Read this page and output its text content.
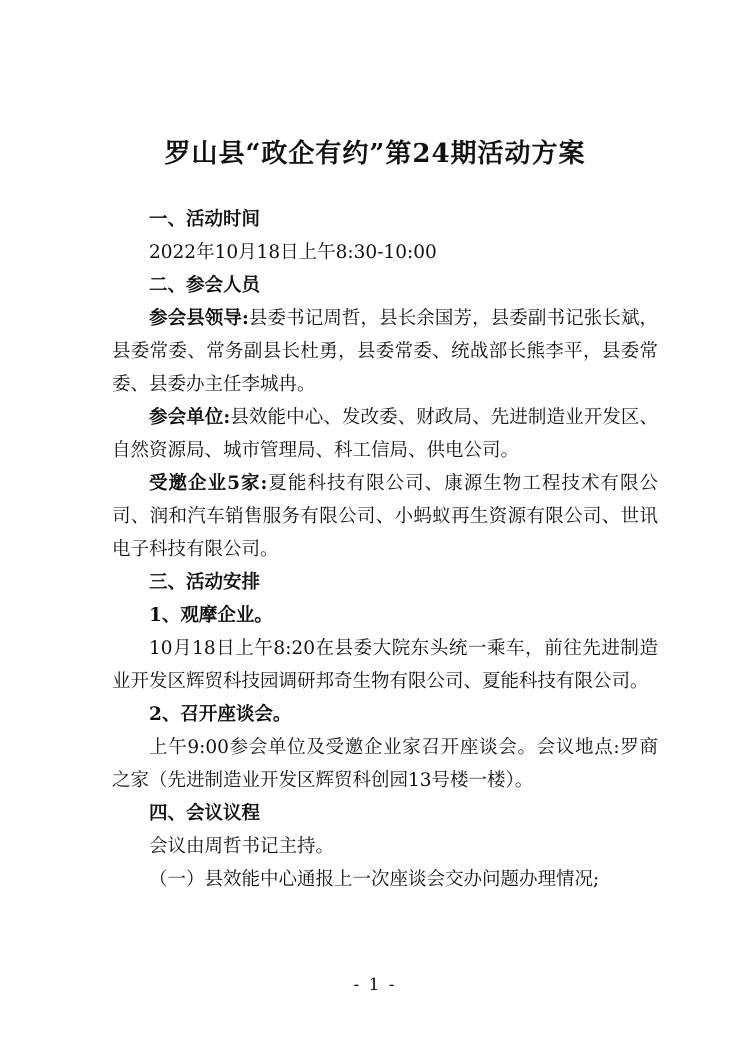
罗山县“政企有约”第24期活动方案

一、活动时间

2022年10月18日上午8:30-10:00

二、参会人员

参会县领导:县委书记周哲，县长余国芳，县委副书记张长斌，县委常委、常务副县长杜勇，县委常委、统战部长熊李平，县委常委、县委办主任李城冉。

参会单位:县效能中心、发改委、财政局、先进制造业开发区、自然资源局、城市管理局、科工信局、供电公司。

受邀企业5家:夏能科技有限公司、康源生物工程技术有限公司、润和汽车销售服务有限公司、小蚂蚁再生资源有限公司、世讯电子科技有限公司。

三、活动安排

1、观摩企业。

10月18日上午8:20在县委大院东头统一乘车，前往先进制造业开发区辉贸科技园调研邦奇生物有限公司、夏能科技有限公司。

2、召开座谈会。

上午9:00参会单位及受邀企业家召开座谈会。会议地点:罗商之家（先进制造业开发区辉贸科创园13号楼一楼）。

四、会议议程

会议由周哲书记主持。

（一）县效能中心通报上一次座谈会交办问题办理情况;

- 1 -
